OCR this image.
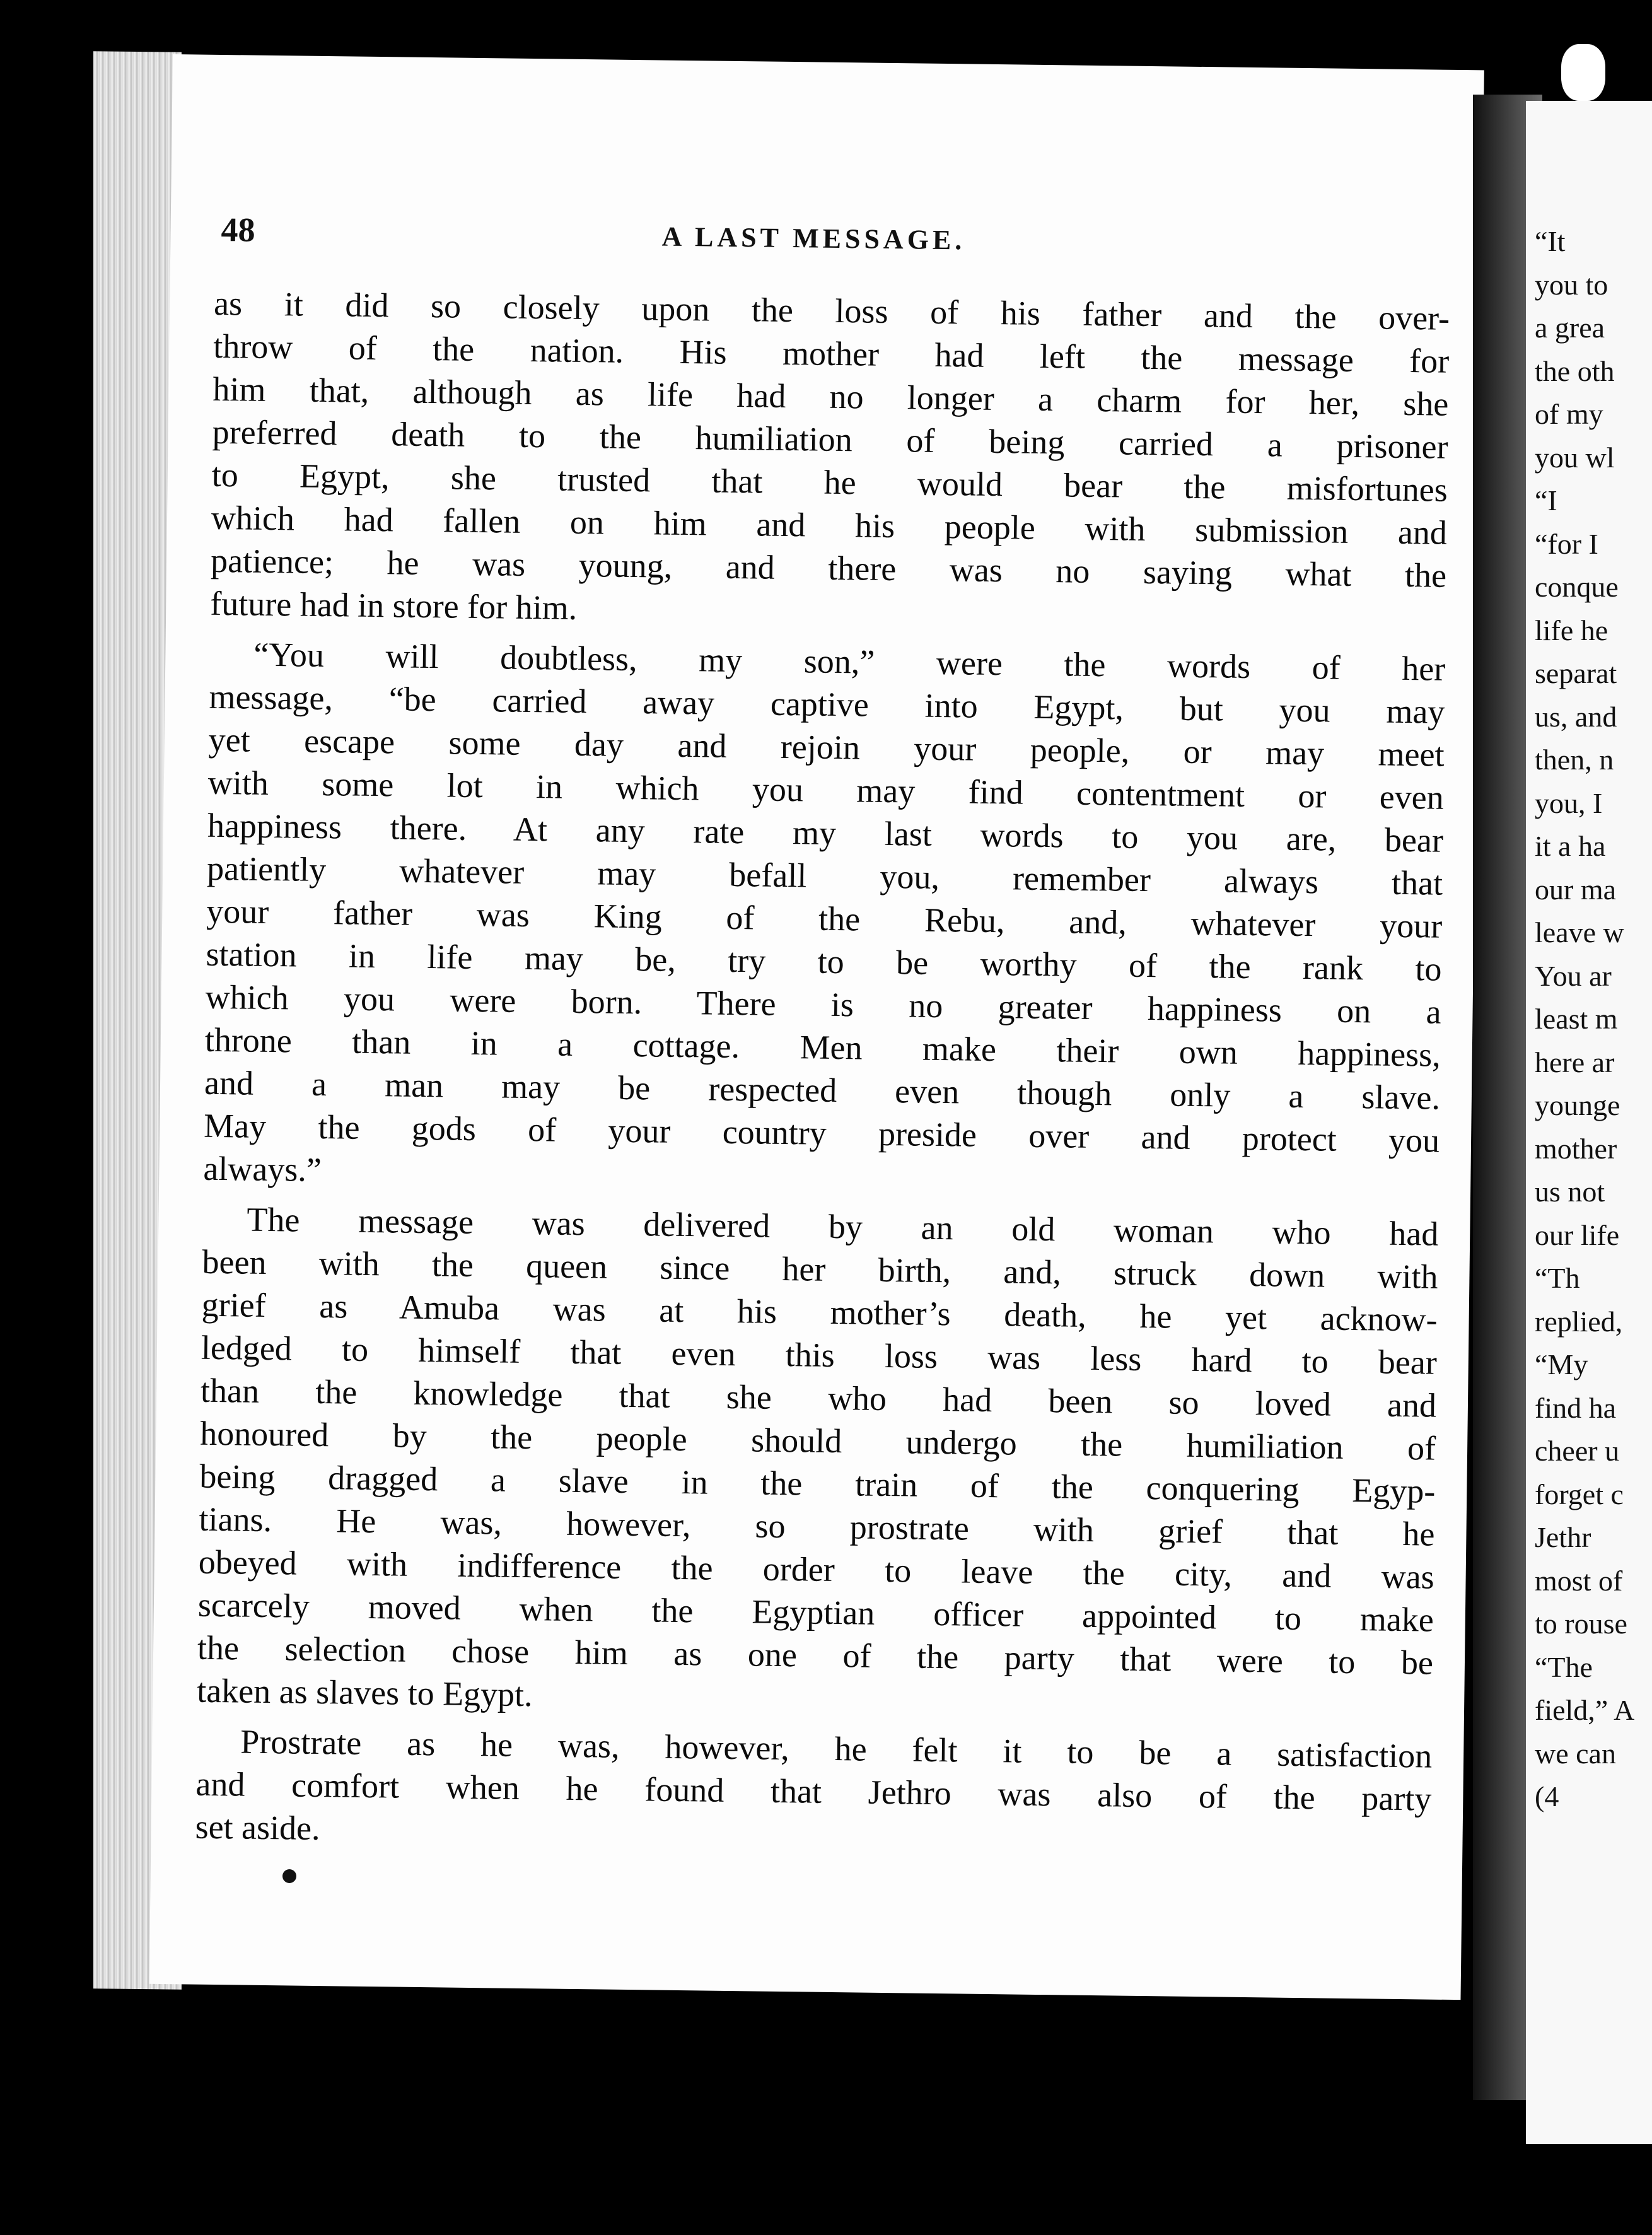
48	A LAST MESSAGE.
as it did so closely upon the loss of his father and the over-
throw of the nation. His mother had left the message for
him that, although as life had no longer a charm for her, she
preferred death to the humiliation of being carried a prisoner
to Egypt, she trusted that he would bear the misfortunes
which had fallen on him and his people with submission and
patience; he was young, and there was no saying what the
future had in store for him.
“You will doubtless, my son,” were the words of her
message, “be carried away captive into Egypt, but you may
yet escape some day and rejoin your people, or may meet
with some lot in which you may find contentment or even
happiness there. At any rate my last words to you are, bear
patiently whatever may befall you, remember always that
your father was King of the Rebu, and, whatever your
station in life may be, try to be worthy of the rank to
which you were born. There is no greater happiness on a
throne than in a cottage. Men make their own happiness,
and a man may be respected even though only a slave.
May the gods of your country preside over and protect you
always.”
The message was delivered by an old woman who had
been with the queen since her birth, and, struck down with
grief as Amuba was at his mother’s death, he yet acknow-
ledged to himself that even this loss was less hard to bear
than the knowledge that she who had been so loved and
honoured by the people should undergo the humiliation of
being dragged a slave in the train of the conquering Egyp-
tians. He was, however, so prostrate with grief that he
obeyed with indifference the order to leave the city, and was
scarcely moved when the Egyptian officer appointed to make
the selection chose him as one of the party that were to be
taken as slaves to Egypt.
Prostrate as he was, however, he felt it to be a satisfaction
and comfort when he found that Jethro was also of the party
set aside.
“It
you to
a grea
the oth
of my
you wl
“I
“for I
conque
life he
separat
us, and
then, n
you, I
it a ha
our ma
leave w
You ar
least m
here ar
younge
mother
us not
our life
“Th
replied,
“My
find ha
cheer u
forget c
Jethr
most of
to rouse
“The
field,” A
we can
(4
